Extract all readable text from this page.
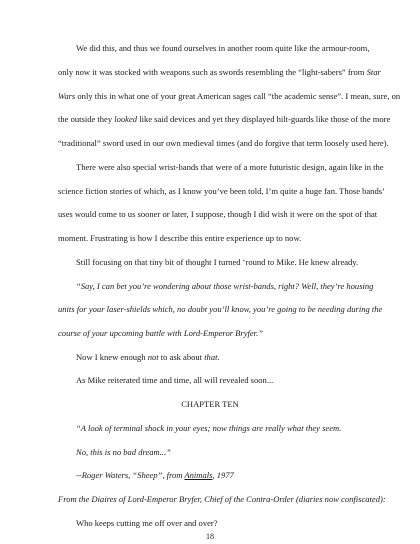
We did this, and thus we found ourselves in another room quite like the armour-room,
only now it was stocked with weapons such as swords resembling the “light-sabers” from Star
Wars only this in what one of your great American sages call “the academic sense”. I mean, sure, on
the outside they looked like said devices and yet they displayed hilt-guards like those of the more
“traditional” sword used in our own medieval times (and do forgive that term loosely used here).
There were also special wrist-bands that were of a more futuristic design, again like in the
science fiction stories of which, as I know you’ve been told, I’m quite a huge fan. Those bands’
uses would come to us sooner or later, I suppose, though I did wish it were on the spot of that
moment. Frustrating is how I describe this entire experience up to now.
Still focusing on that tiny bit of thought I turned ‘round to Mike. He knew already.
“Say, I can bet you’re wondering about those wrist-bands, right? Well, they’re housing
units for your laser-shields which, no doubt you’ll know, you’re going to be needing during the
course of your upcoming battle with Lord-Emperor Bryfer.”
Now I knew enough not to ask about that.
As Mike reiterated time and time, all will revealed soon...
CHAPTER TEN
“A look of terminal shock in your eyes; now things are really what they seem.
No, this is no bad dream...”
--Roger Waters, “Sheep”, from Animals, 1977
From the Diaires of Lord-Emperor Bryfer, Chief of the Contra-Order (diaries now confiscated):
Who keeps cutting me off over and over?
18
